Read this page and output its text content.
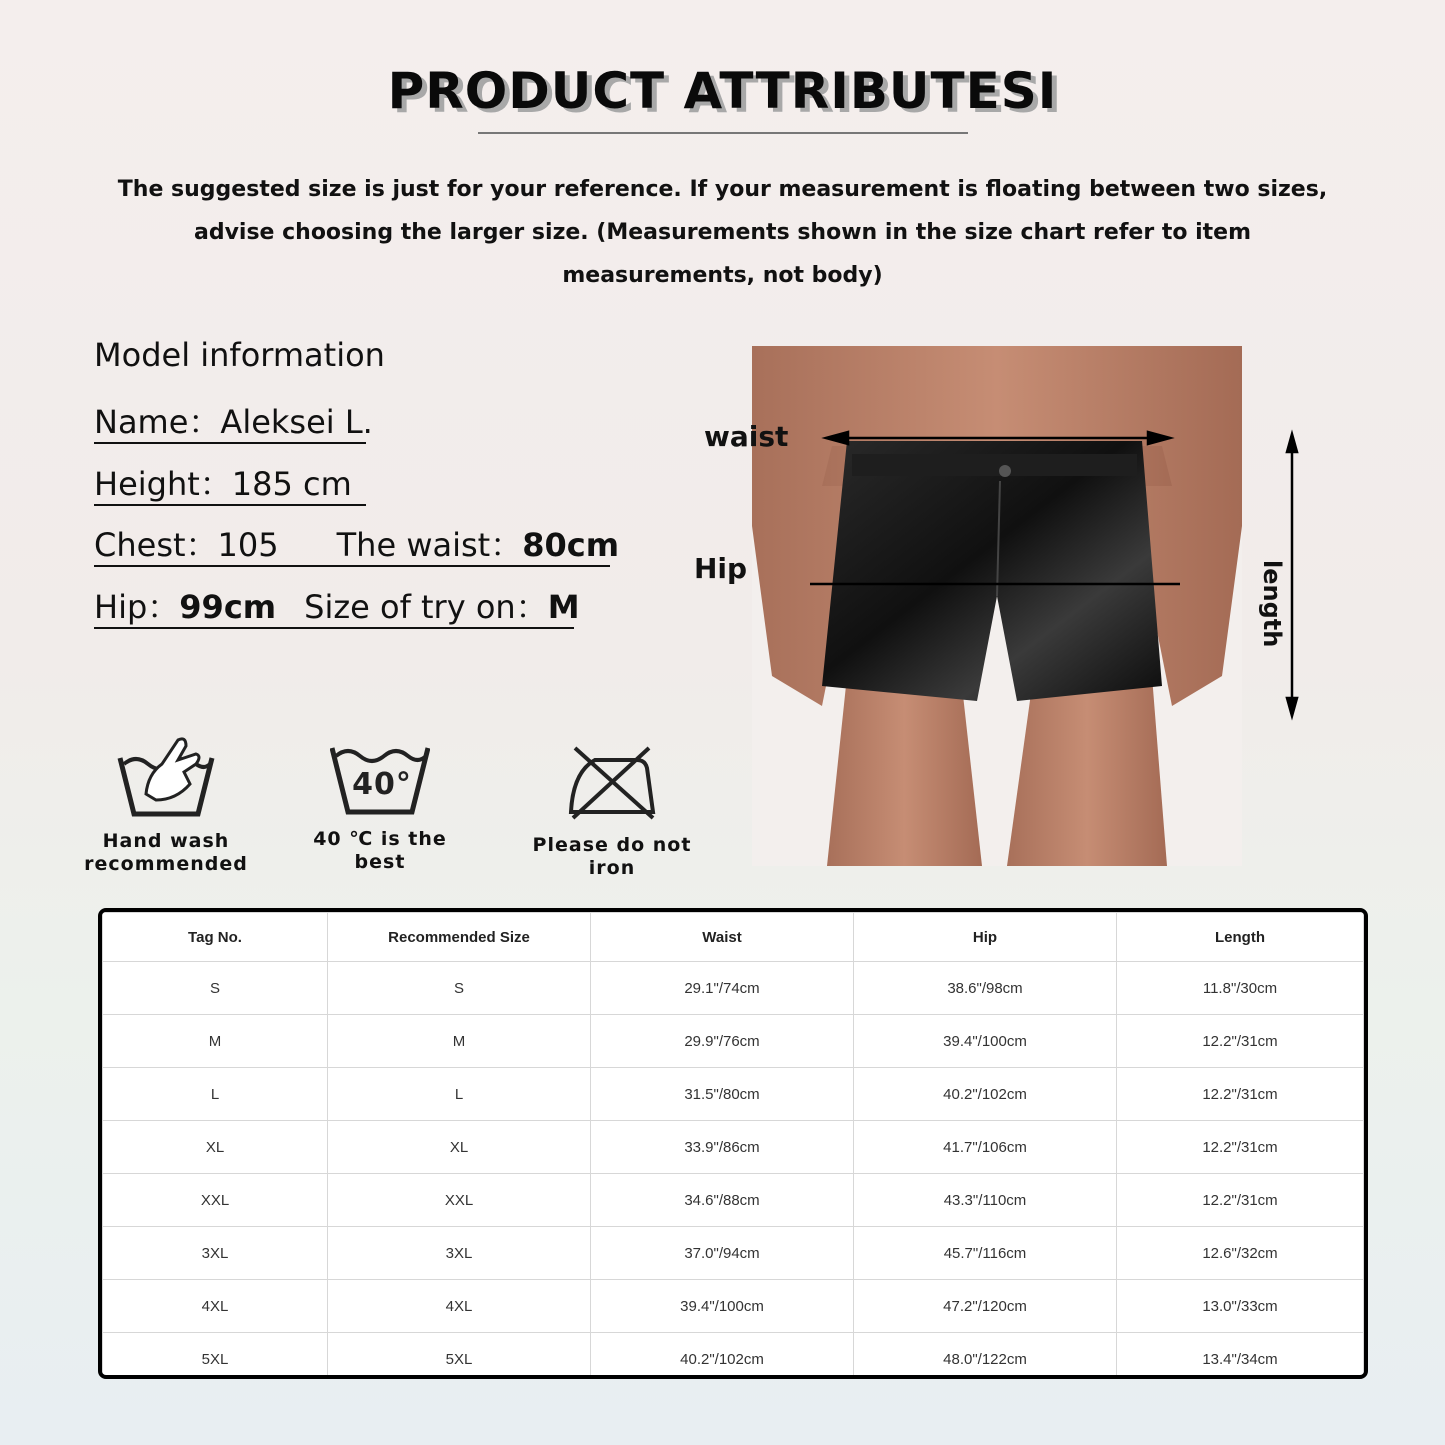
PRODUCT ATTRIBUTESI
The suggested size is just for your reference. If your measurement is floating between two sizes,
advise choosing the larger size. (Measurements shown in the size chart refer to item
measurements, not body)
Model information
Name：Aleksei L.
Height：185 cm
Chest：105 The waist：80cm
Hip：99cm Size of try on：M
waist
Hip	length
Hand wash
recommended
40°
40 ℃ is the best
Please do not iron
Tag No.	Recommended Size	Waist	Hip	Length
S	S	29.1"/74cm	38.6"/98cm	11.8"/30cm
M	M	29.9"/76cm	39.4"/100cm	12.2"/31cm
L	L	31.5"/80cm	40.2"/102cm	12.2"/31cm
XL	XL	33.9"/86cm	41.7"/106cm	12.2"/31cm
XXL	XXL	34.6"/88cm	43.3"/110cm	12.2"/31cm
3XL	3XL	37.0"/94cm	45.7"/116cm	12.6"/32cm
4XL	4XL	39.4"/100cm	47.2"/120cm	13.0"/33cm
5XL	5XL	40.2"/102cm	48.0"/122cm	13.4"/34cm
